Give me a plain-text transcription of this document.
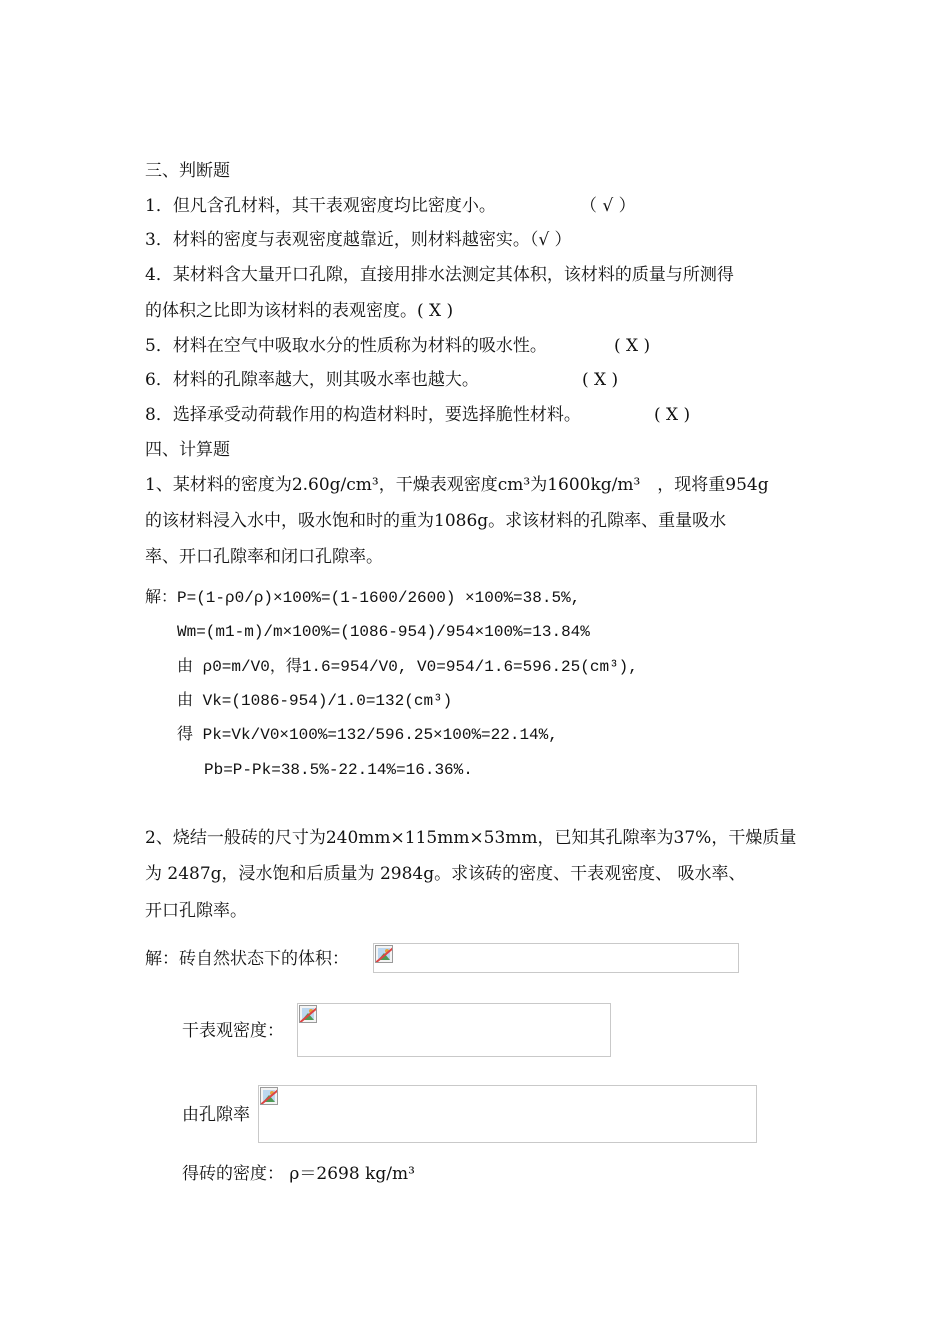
三、判断题
1．但凡含孔材料，其干表观密度均比密度小。	（ √ ）
3．材料的密度与表观密度越靠近，则材料越密实。（√ ）
4．某材料含大量开口孔隙，直接用排水法测定其体积，该材料的质量与所测得
的体积之比即为该材料的表观密度。( X )
5．材料在空气中吸取水分的性质称为材料的吸水性。	( X )
6．材料的孔隙率越大，则其吸水率也越大。	( X )
8．选择承受动荷载作用的构造材料时，要选择脆性材料。	( X )
四、计算题
1、某材料的密度为2.60g/cm³，干燥表观密度cm³为1600kg/m³　，现将重954g
的该材料浸入水中，吸水饱和时的重为1086g。求该材料的孔隙率、重量吸水
率、开口孔隙率和闭口孔隙率。
解：P=(1-ρ0/ρ)×100%=(1-1600/2600) ×100%=38.5%,
Wm=(m1-m)/m×100%=(1086-954)/954×100%=13.84%
由 ρ0=m/V0，得1.6=954/V0, V0=954/1.6=596.25(cm³),
由 Vk=(1086-954)/1.0=132(cm³)
得 Pk=Vk/V0×100%=132/596.25×100%=22.14%,
Pb=P-Pk=38.5%-22.14%=16.36%.
2、烧结一般砖的尺寸为240mm×115mm×53mm，已知其孔隙率为37%，干燥质量
为 2487g，浸水饱和后质量为 2984g。求该砖的密度、干表观密度、 吸水率、
开口孔隙率。
解：砖自然状态下的体积：
干表观密度：
由孔隙率
得砖的密度： ρ＝2698 kg/m³
